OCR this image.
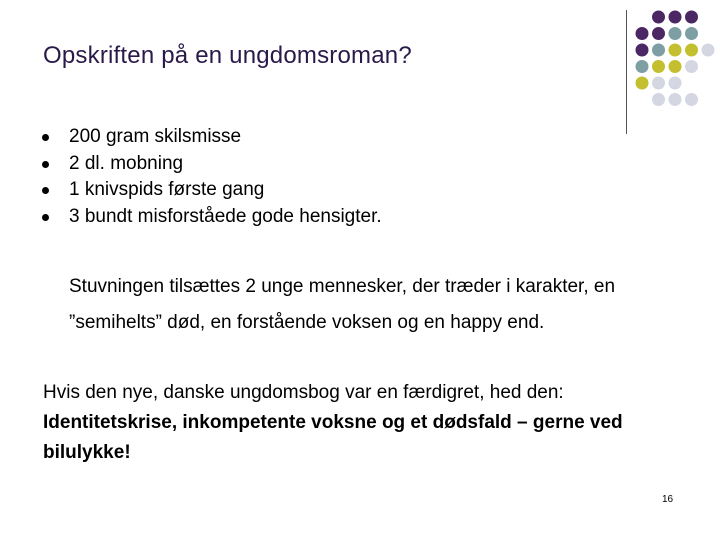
Opskriften på en ungdomsroman?
200 gram skilsmisse
2 dl. mobning
1 knivspids første gang
3 bundt misforståede gode hensigter.
Stuvningen tilsættes 2 unge mennesker, der træder i karakter, en
”semihelts” død, en forstående voksen og en happy end.
Hvis den nye, danske ungdomsbog var en færdigret, hed den:
Identitetskrise, inkompetente voksne og et dødsfald – gerne ved bilulykke!
16
